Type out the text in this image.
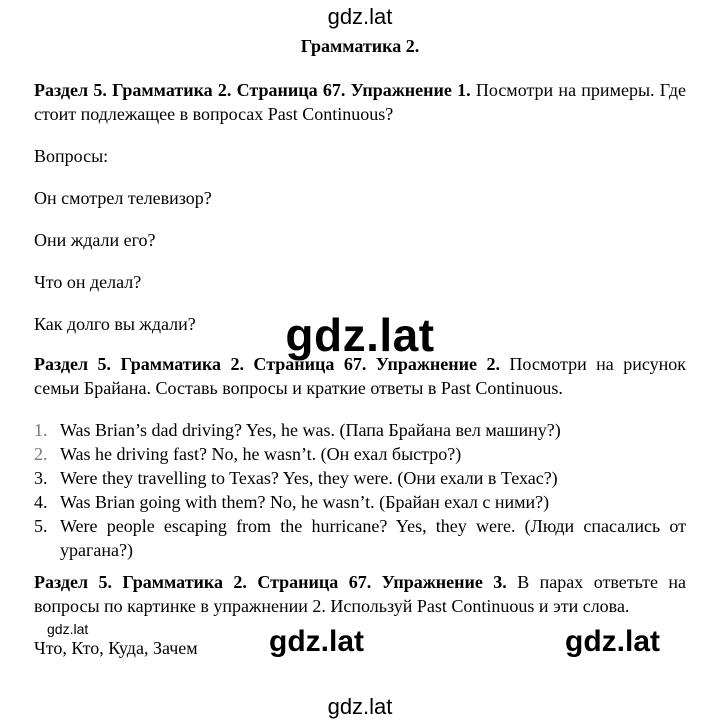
gdz.lat
Грамматика 2.
Раздел 5. Грамматика 2. Страница 67. Упражнение 1. Посмотри на примеры. Где стоит подлежащее в вопросах Past Continuous?
Вопросы:
Он смотрел телевизор?
Они ждали его?
Что он делал?
Как долго вы ждали?
Раздел 5. Грамматика 2. Страница 67. Упражнение 2. Посмотри на рисунок семьи Брайана. Составь вопросы и краткие ответы в Past Continuous.
1. Was Brian’s dad driving? Yes, he was. (Папа Брайана вел машину?)
2. Was he driving fast? No, he wasn’t. (Он ехал быстро?)
3. Were they travelling to Texas? Yes, they were. (Они ехали в Техас?)
4. Was Brian going with them? No, he wasn’t. (Брайан ехал с ними?)
5. Were people escaping from the hurricane? Yes, they were. (Люди спасались от урагана?)
Раздел 5. Грамматика 2. Страница 67. Упражнение 3. В парах ответьте на вопросы по картинке в упражнении 2. Используй Past Continuous и эти слова.
Что, Кто, Куда, Зачем
gdz.lat
gdz.lat	gdz.lat	gdz.lat
gdz.lat
